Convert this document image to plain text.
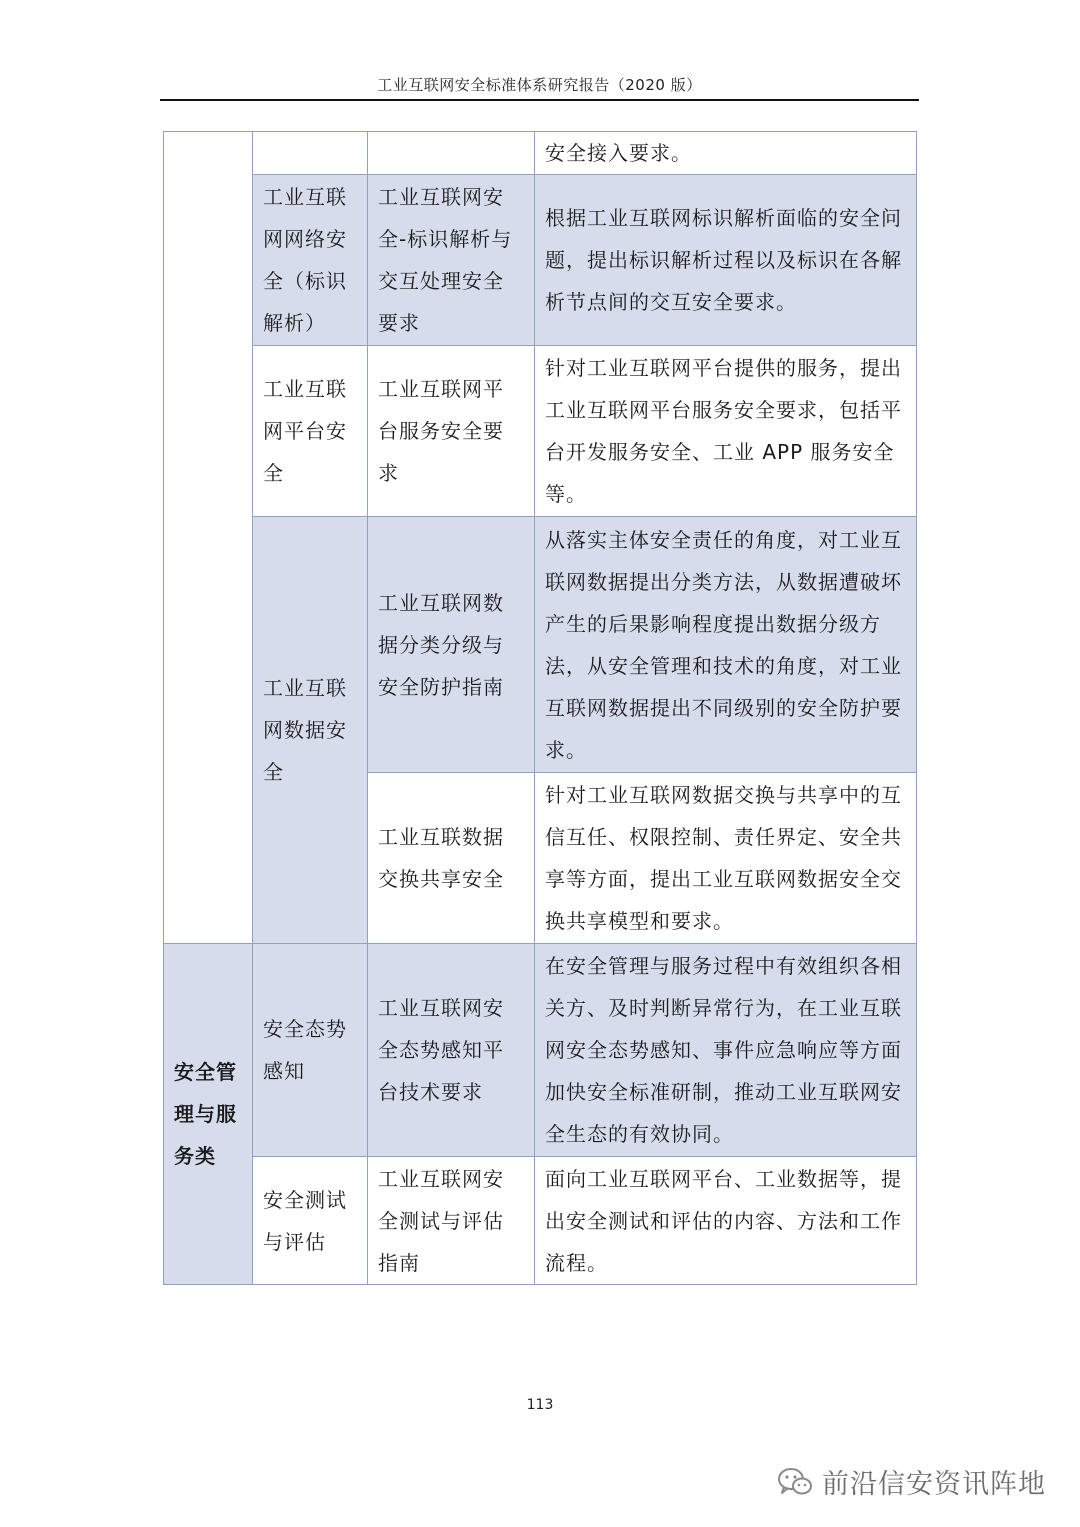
工业互联网安全标准体系研究报告（2020 版）
			安全接入要求。
	工业互联网网络安全（标识解析）	工业互联网安全-标识解析与交互处理安全要求	根据工业互联网标识解析面临的安全问题，提出标识解析过程以及标识在各解析节点间的交互安全要求。
	工业互联网平台安全	工业互联网平台服务安全要求	针对工业互联网平台提供的服务，提出工业互联网平台服务安全要求，包括平台开发服务安全、工业 APP 服务安全等。
	工业互联网数据安全	工业互联网数据分类分级与安全防护指南	从落实主体安全责任的角度，对工业互联网数据提出分类方法，从数据遭破坏产生的后果影响程度提出数据分级方法，从安全管理和技术的角度，对工业互联网数据提出不同级别的安全防护要求。
		工业互联数据交换共享安全	针对工业互联网数据交换与共享中的互信互任、权限控制、责任界定、安全共享等方面，提出工业互联网数据安全交换共享模型和要求。
安全管理与服务类	安全态势感知	工业互联网安全态势感知平台技术要求	在安全管理与服务过程中有效组织各相关方、及时判断异常行为，在工业互联网安全态势感知、事件应急响应等方面加快安全标准研制，推动工业互联网安全生态的有效协同。
	安全测试与评估	工业互联网安全测试与评估指南	面向工业互联网平台、工业数据等，提出安全测试和评估的内容、方法和工作流程。
113
前沿信安资讯阵地
